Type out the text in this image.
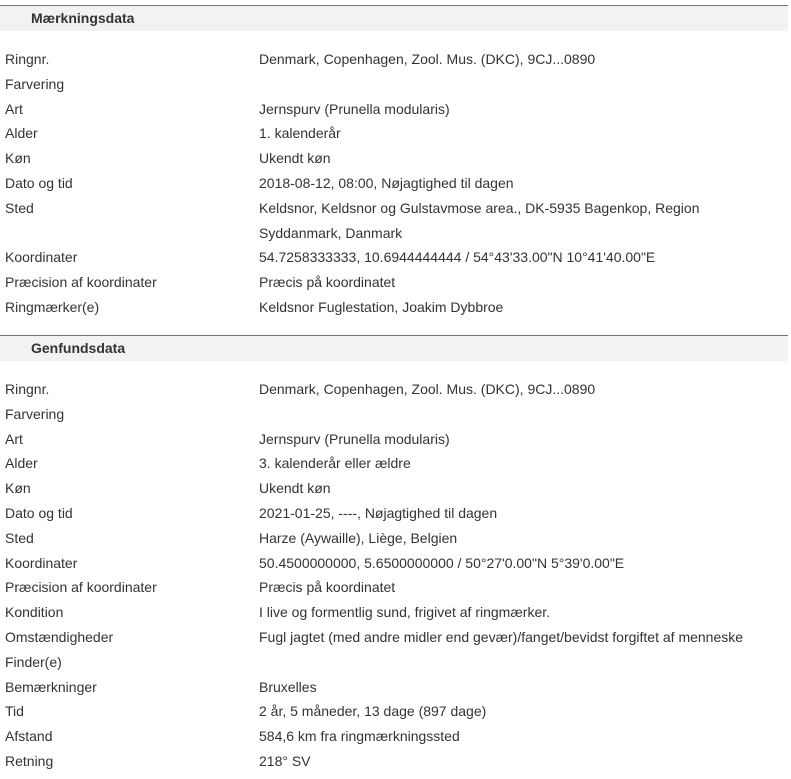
Mærkningsdata
Ringnr.	Denmark, Copenhagen, Zool. Mus. (DKC), 9CJ...0890
Farvering
Art	Jernspurv (Prunella modularis)
Alder	1. kalenderår
Køn	Ukendt køn
Dato og tid	2018-08-12, 08:00, Nøjagtighed til dagen
Sted	Keldsnor, Keldsnor og Gulstavmose area., DK-5935 Bagenkop, Region Syddanmark, Danmark
Koordinater	54.7258333333, 10.6944444444 / 54°43'33.00"N 10°41'40.00"E
Præcision af koordinater	Præcis på koordinatet
Ringmærker(e)	Keldsnor Fuglestation, Joakim Dybbroe
Genfundsdata
Ringnr.	Denmark, Copenhagen, Zool. Mus. (DKC), 9CJ...0890
Farvering
Art	Jernspurv (Prunella modularis)
Alder	3. kalenderår eller ældre
Køn	Ukendt køn
Dato og tid	2021-01-25, ----, Nøjagtighed til dagen
Sted	Harze (Aywaille), Liège, Belgien
Koordinater	50.4500000000, 5.6500000000 / 50°27'0.00"N 5°39'0.00"E
Præcision af koordinater	Præcis på koordinatet
Kondition	I live og formentlig sund, frigivet af ringmærker.
Omstændigheder	Fugl jagtet (med andre midler end gevær)/fanget/bevidst forgiftet af menneske
Finder(e)
Bemærkninger	Bruxelles
Tid	2 år, 5 måneder, 13 dage (897 dage)
Afstand	584,6 km fra ringmærkningssted
Retning	218° SV
